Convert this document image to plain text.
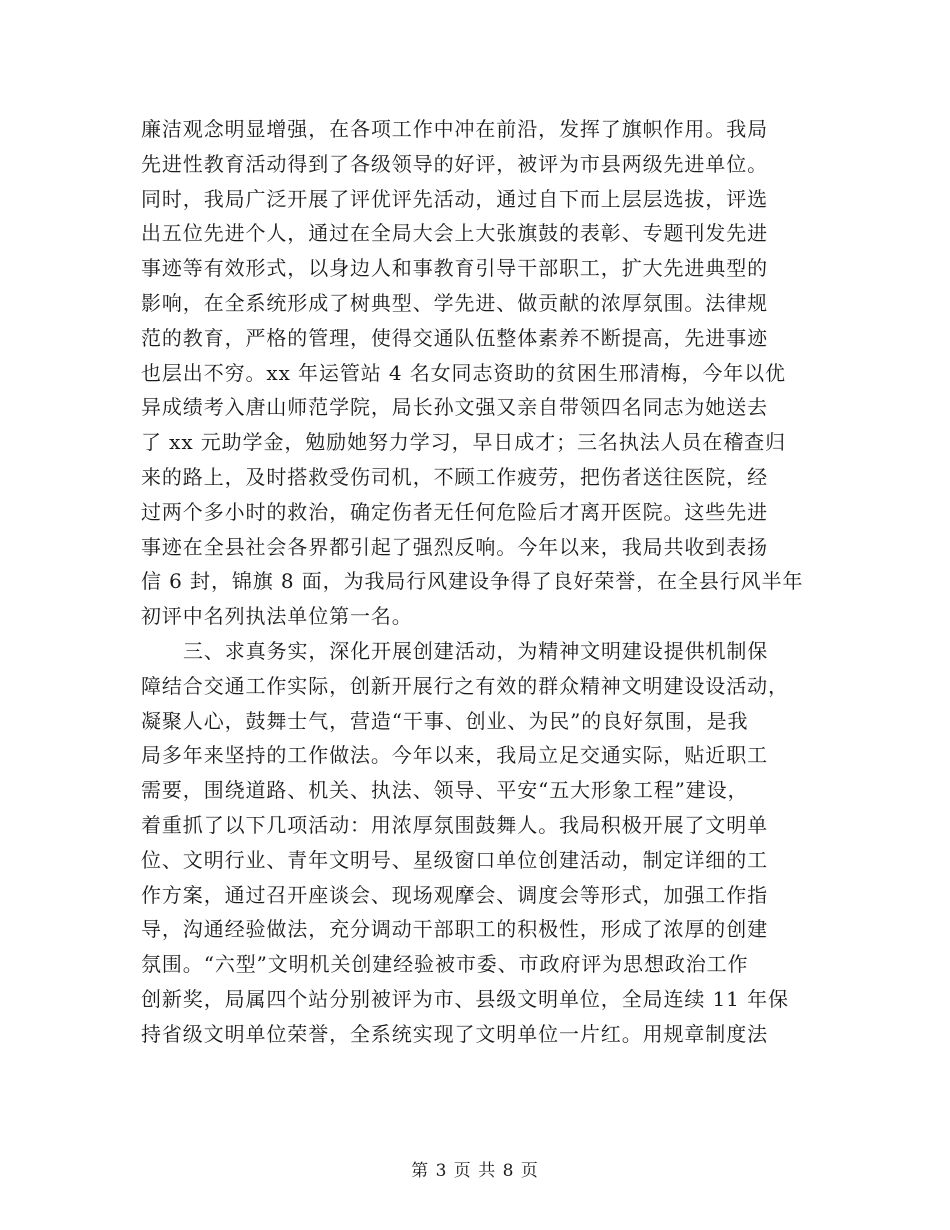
廉洁观念明显增强，在各项工作中冲在前沿，发挥了旗帜作用。我局
先进性教育活动得到了各级领导的好评，被评为市县两级先进单位。
同时，我局广泛开展了评优评先活动，通过自下而上层层选拔，评选
出五位先进个人，通过在全局大会上大张旗鼓的表彰、专题刊发先进
事迹等有效形式，以身边人和事教育引导干部职工，扩大先进典型的
影响，在全系统形成了树典型、学先进、做贡献的浓厚氛围。法律规
范的教育，严格的管理，使得交通队伍整体素养不断提高，先进事迹
也层出不穷。xx 年运管站 4 名女同志资助的贫困生邢清梅，今年以优
异成绩考入唐山师范学院，局长孙文强又亲自带领四名同志为她送去
了 xx 元助学金，勉励她努力学习，早日成才；三名执法人员在稽查归
来的路上，及时搭救受伤司机，不顾工作疲劳，把伤者送往医院，经
过两个多小时的救治，确定伤者无任何危险后才离开医院。这些先进
事迹在全县社会各界都引起了强烈反响。今年以来，我局共收到表扬
信 6 封，锦旗 8 面，为我局行风建设争得了良好荣誉，在全县行风半年
初评中名列执法单位第一名。
三、求真务实，深化开展创建活动，为精神文明建设提供机制保
障结合交通工作实际，创新开展行之有效的群众精神文明建设设活动，
凝聚人心，鼓舞士气，营造“干事、创业、为民”的良好氛围，是我
局多年来坚持的工作做法。今年以来，我局立足交通实际，贴近职工
需要，围绕道路、机关、执法、领导、平安“五大形象工程”建设，
着重抓了以下几项活动：用浓厚氛围鼓舞人。我局积极开展了文明单
位、文明行业、青年文明号、星级窗口单位创建活动，制定详细的工
作方案，通过召开座谈会、现场观摩会、调度会等形式，加强工作指
导，沟通经验做法，充分调动干部职工的积极性，形成了浓厚的创建
氛围。“六型”文明机关创建经验被市委、市政府评为思想政治工作
创新奖，局属四个站分别被评为市、县级文明单位，全局连续 11 年保
持省级文明单位荣誉，全系统实现了文明单位一片红。用规章制度法
第 3 页 共 8 页
